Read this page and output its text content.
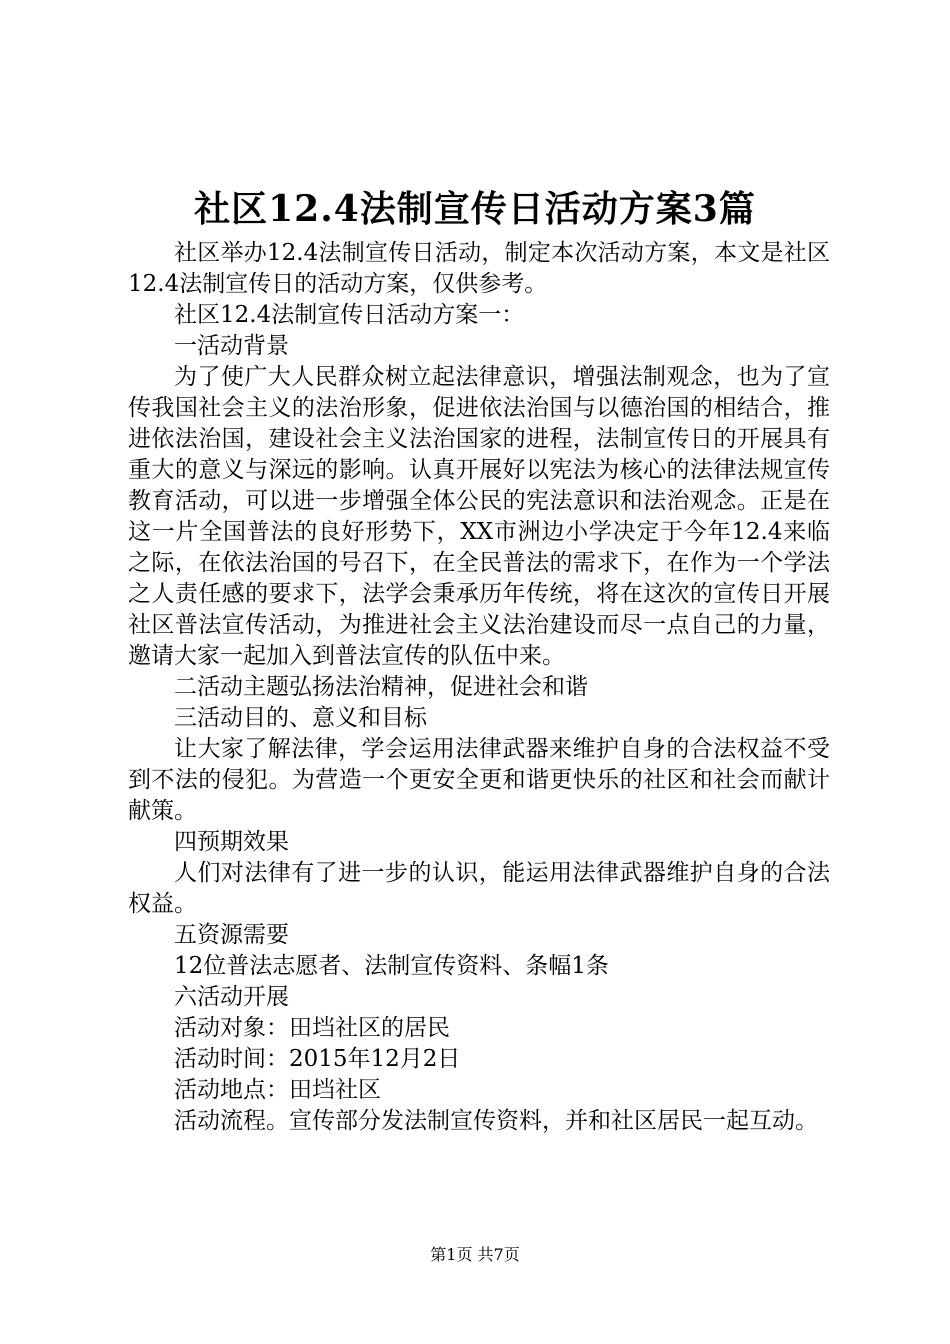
社区12.4法制宣传日活动方案3篇

社区举办12.4法制宣传日活动，制定本次活动方案，本文是社区12.4法制宣传日的活动方案，仅供参考。

社区12.4法制宣传日活动方案一：

一活动背景

为了使广大人民群众树立起法律意识，增强法制观念，也为了宣传我国社会主义的法治形象，促进依法治国与以德治国的相结合，推进依法治国，建设社会主义法治国家的进程，法制宣传日的开展具有重大的意义与深远的影响。认真开展好以宪法为核心的法律法规宣传教育活动，可以进一步增强全体公民的宪法意识和法治观念。正是在这一片全国普法的良好形势下，XX市洲边小学决定于今年12.4来临之际，在依法治国的号召下，在全民普法的需求下，在作为一个学法之人责任感的要求下，法学会秉承历年传统，将在这次的宣传日开展社区普法宣传活动，为推进社会主义法治建设而尽一点自己的力量，邀请大家一起加入到普法宣传的队伍中来。

二活动主题弘扬法治精神，促进社会和谐

三活动目的、意义和目标

让大家了解法律，学会运用法律武器来维护自身的合法权益不受到不法的侵犯。为营造一个更安全更和谐更快乐的社区和社会而献计献策。

四预期效果

人们对法律有了进一步的认识，能运用法律武器维护自身的合法权益。

五资源需要

12位普法志愿者、法制宣传资料、条幅1条

六活动开展

活动对象：田垱社区的居民

活动时间：2015年12月2日

活动地点：田垱社区

活动流程。宣传部分发法制宣传资料，并和社区居民一起互动。

第1页 共7页
